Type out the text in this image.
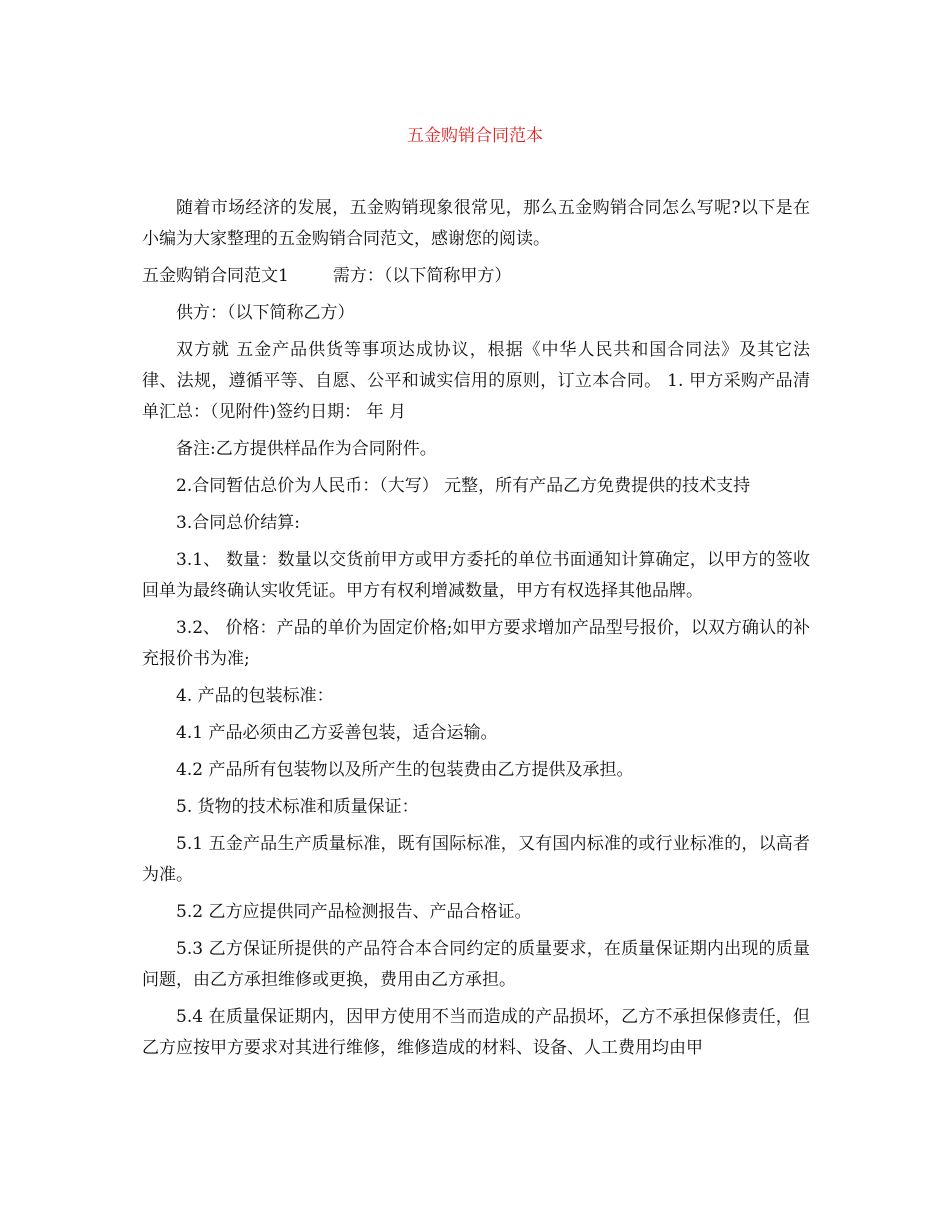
五金购销合同范本

随着市场经济的发展，五金购销现象很常见，那么五金购销合同怎么写呢?以下是在小编为大家整理的五金购销合同范文，感谢您的阅读。

五金购销合同范文1	需方：（以下简称甲方）

供方：（以下简称乙方）

双方就 五金产品供货等事项达成协议，根据《中华人民共和国合同法》及其它法律、法规，遵循平等、自愿、公平和诚实信用的原则，订立本合同。 1. 甲方采购产品清单汇总：（见附件)签约日期： 年 月

备注:乙方提供样品作为合同附件。

2.合同暂估总价为人民币：（大写） 元整，所有产品乙方免费提供的技术支持

3.合同总价结算:

3.1、 数量：数量以交货前甲方或甲方委托的单位书面通知计算确定，以甲方的签收回单为最终确认实收凭证。甲方有权利增减数量，甲方有权选择其他品牌。

3.2、 价格：产品的单价为固定价格;如甲方要求增加产品型号报价，以双方确认的补充报价书为准;

4. 产品的包装标准：

4.1 产品必须由乙方妥善包装，适合运输。

4.2 产品所有包装物以及所产生的包装费由乙方提供及承担。

5. 货物的技术标准和质量保证：

5.1 五金产品生产质量标准，既有国际标准，又有国内标准的或行业标准的，以高者为准。

5.2 乙方应提供同产品检测报告、产品合格证。

5.3 乙方保证所提供的产品符合本合同约定的质量要求，在质量保证期内出现的质量问题，由乙方承担维修或更换，费用由乙方承担。

5.4 在质量保证期内，因甲方使用不当而造成的产品损坏，乙方不承担保修责任，但乙方应按甲方要求对其进行维修，维修造成的材料、设备、人工费用均由甲
